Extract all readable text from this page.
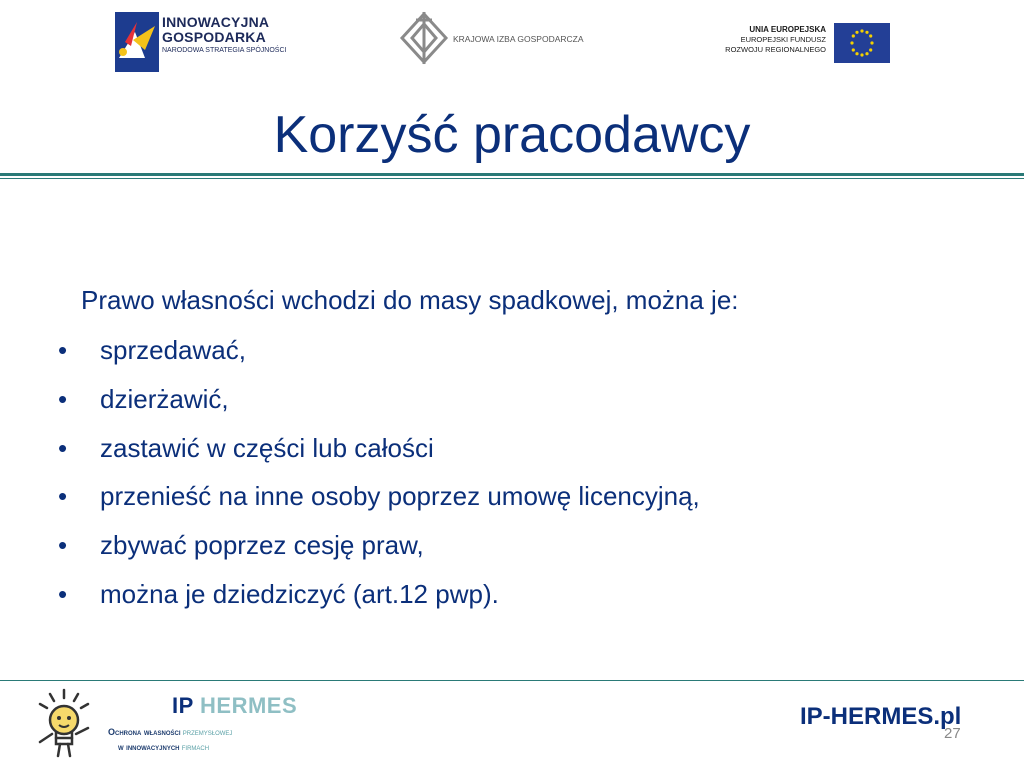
INNOWACYJNA
GOSPODARKA
NARODOWA STRATEGIA SPÓJNOŚCI
KRAJOWA IZBA GOSPODARCZA
UNIA EUROPEJSKA
EUROPEJSKI FUNDUSZ
ROZWOJU REGIONALNEGO
Korzyść pracodawcy
Prawo własności wchodzi do masy spadkowej, można je:
• sprzedawać,
• dzierżawić,
• zastawić w części lub całości
• przenieść na inne osoby poprzez umowę licencyjną,
• zbywać poprzez cesję praw,
• można je dziedziczyć (art.12 pwp).
IP HERMES
Ochrona własności przemysłowej
w innowacyjnych firmach
IP-HERMES.pl
27
